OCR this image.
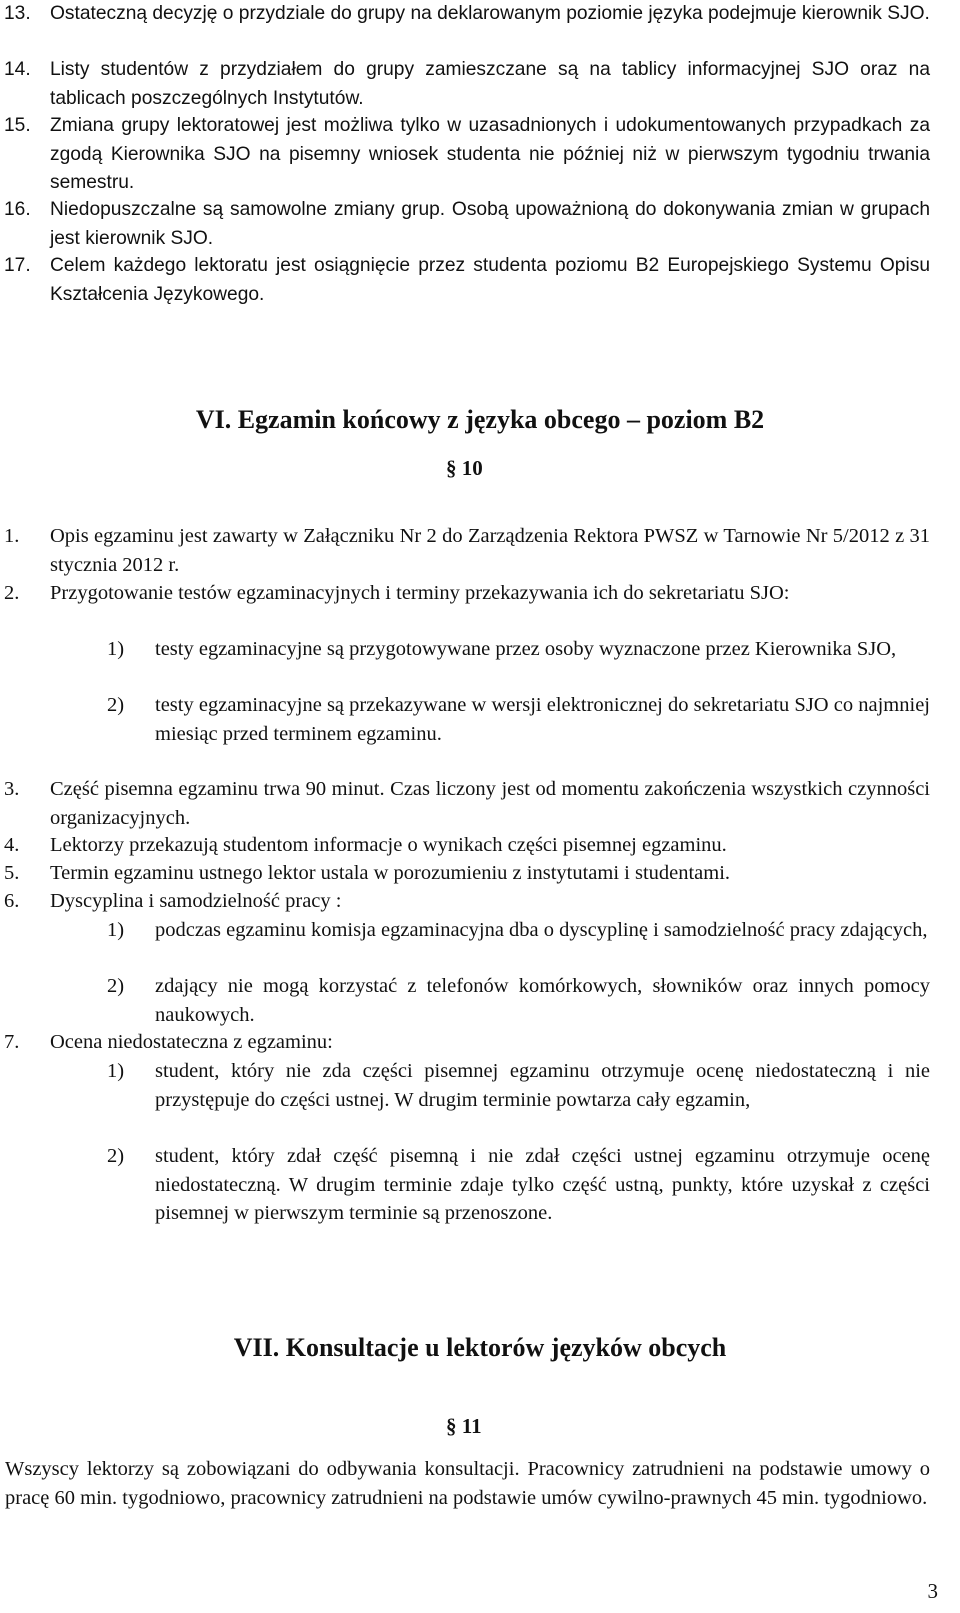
13.	Ostateczną decyzję o przydziale do grupy na deklarowanym poziomie języka podejmuje kierownik SJO.
14.	Listy studentów z przydziałem do grupy zamieszczane są na tablicy informacyjnej SJO oraz na tablicach poszczególnych Instytutów.
15.	Zmiana grupy lektoratowej jest możliwa tylko w uzasadnionych i udokumentowanych przypadkach za zgodą Kierownika SJO na pisemny wniosek studenta nie później niż w pierwszym tygodniu trwania semestru.
16.	Niedopuszczalne są samowolne zmiany grup. Osobą upoważnioną do dokonywania zmian w grupach jest kierownik SJO.
17.	Celem każdego lektoratu jest osiągnięcie przez studenta poziomu B2 Europejskiego Systemu Opisu Kształcenia Językowego.
VI. Egzamin końcowy z języka obcego – poziom B2
§ 10
1.	Opis egzaminu jest zawarty w Załączniku Nr 2 do Zarządzenia Rektora PWSZ w Tarnowie Nr 5/2012 z 31 stycznia 2012 r.
2.	Przygotowanie testów egzaminacyjnych i terminy przekazywania ich do sekretariatu SJO:
1)	testy egzaminacyjne są przygotowywane przez osoby wyznaczone przez Kierownika SJO,
2)	testy egzaminacyjne są przekazywane w wersji elektronicznej do sekretariatu SJO co najmniej miesiąc przed terminem egzaminu.
3.	Część pisemna egzaminu trwa 90 minut. Czas liczony jest od momentu zakończenia wszystkich czynności organizacyjnych.
4.	Lektorzy przekazują studentom informacje o wynikach części pisemnej egzaminu.
5.	Termin egzaminu ustnego lektor ustala w porozumieniu z instytutami i studentami.
6.	Dyscyplina i samodzielność pracy :
1)	podczas egzaminu komisja egzaminacyjna dba o dyscyplinę i samodzielność pracy zdających,
2)	zdający nie mogą korzystać z telefonów komórkowych, słowników oraz innych pomocy naukowych.
7.	Ocena niedostateczna z egzaminu:
1)	student, który nie zda części pisemnej egzaminu otrzymuje ocenę niedostateczną i nie przystępuje do części ustnej. W drugim terminie powtarza cały egzamin,
2)	student, który zdał część pisemną i nie zdał części ustnej egzaminu otrzymuje ocenę niedostateczną. W drugim terminie zdaje tylko część ustną, punkty, które uzyskał z części pisemnej w pierwszym terminie są przenoszone.
VII. Konsultacje u lektorów języków obcych
§ 11
Wszyscy lektorzy są zobowiązani do odbywania konsultacji. Pracownicy zatrudnieni na podstawie umowy o pracę 60 min. tygodniowo, pracownicy zatrudnieni na podstawie umów cywilno-prawnych 45 min. tygodniowo.
3
